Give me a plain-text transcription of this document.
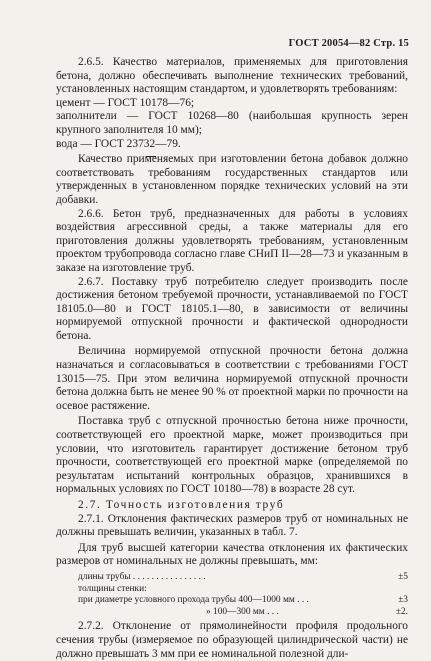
ГОСТ 20054—82 Стр. 15

2.6.5. Качество материалов, применяемых для приготовления бетона, должно обеспечивать выполнение технических требований, установленных настоящим стандартом, и удовлетворять требованиям:

цемент — ГОСТ 10178—76;

заполнители — ГОСТ 10268—80 (наибольшая крупность зерен крупного заполнителя 10 мм);

вода — ГОСТ 23732—79.

Качество применяемых при изготовлении бетона добавок должно соответствовать требованиям государственных стандартов или утвержденных в установленном порядке технических условий на эти добавки.

2.6.6. Бетон труб, предназначенных для работы в условиях воздействия агрессивной среды, а также материалы для его приготовления должны удовлетворять требованиям, установленным проектом трубопровода согласно главе СНиП II—28—73 и указанным в заказе на изготовление труб.

2.6.7. Поставку труб потребителю следует производить после достижения бетоном требуемой прочности, устанавливаемой по ГОСТ 18105.0—80 и ГОСТ 18105.1—80, в зависимости от величины нормируемой отпускной прочности и фактической однородности бетона.

Величина нормируемой отпускной прочности бетона должна назначаться и согласовываться в соответствии с требованиями ГОСТ 13015—75. При этом величина нормируемой отпускной прочности бетона должна быть не менее 90 % от проектной марки по прочности на осевое растяжение.

Поставка труб с отпускной прочностью бетона ниже прочности, соответствующей его проектной марке, может производиться при условии, что изготовитель гарантирует достижение бетоном труб прочности, соответствующей его проектной марке (определяемой по результатам испытаний контрольных образцов, хранившихся в нормальных условиях по ГОСТ 10180—78) в возрасте 28 сут.

2.7. Точность изготовления труб

2.7.1. Отклонения фактических размеров труб от номинальных не должны превышать величин, указанных в табл. 7.

Для труб высшей категории качества отклонения их фактических размеров от номинальных не должны превышать, мм:

длины трубы . . . . . . . . . . . . . . . .	±5
толщины стенки:
при диаметре условного прохода трубы 400—1000 мм . . .	±3
» 100—300 мм . . .	±2.

2.7.2. Отклонение от прямолинейности профиля продольного сечения трубы (измеряемое по образующей цилиндрической части) не должно превышать 3 мм при ее номинальной полезной дли-
